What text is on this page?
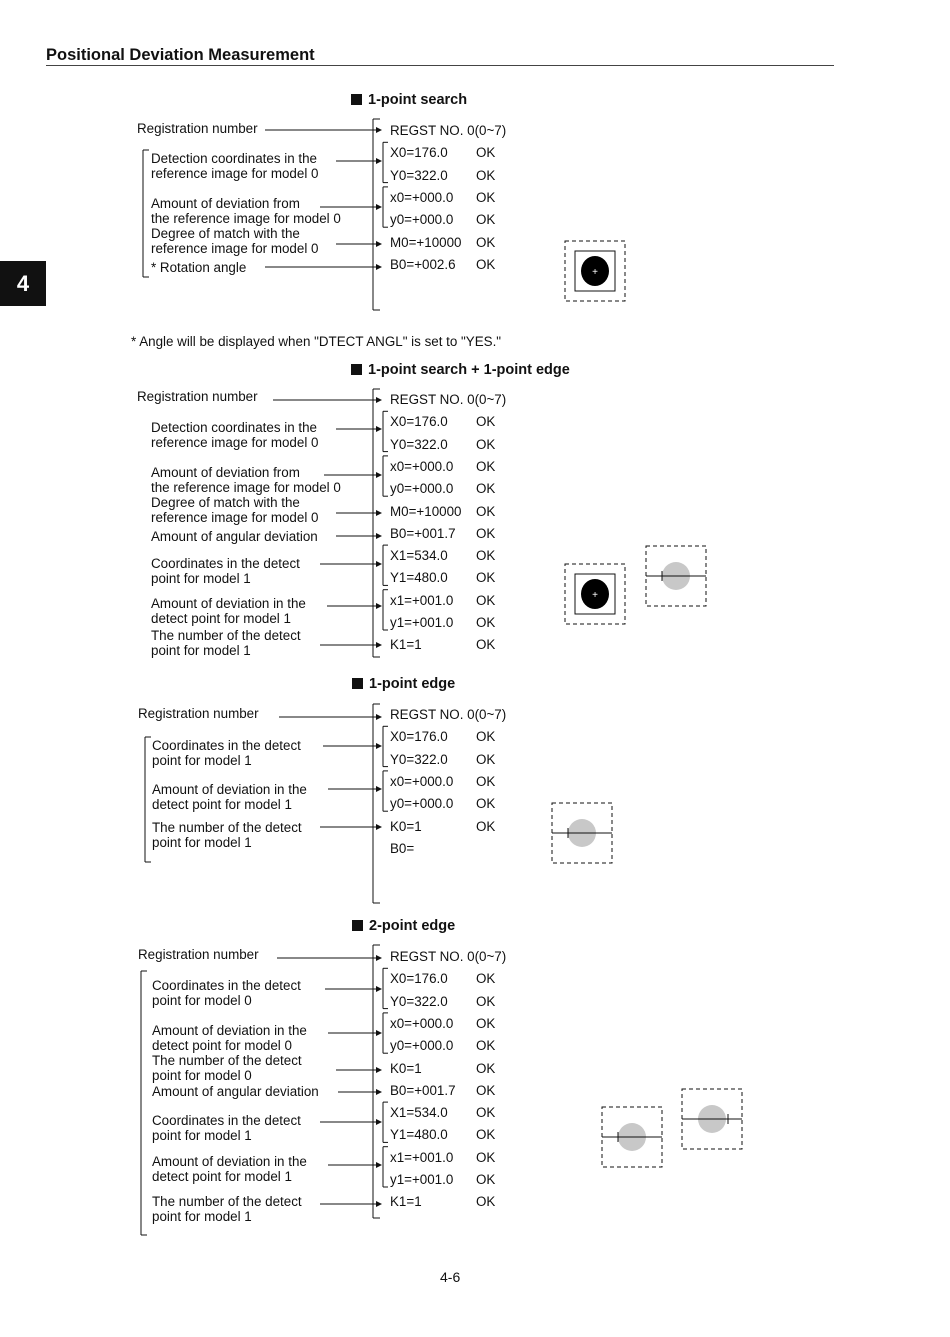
Positional Deviation Measurement
4
1-point search
1-point search + 1-point edge
1-point edge
2-point edge
* Angle will be displayed when "DTECT ANGL" is set to "YES."
4-6
Registration number
Detection coordinates in the
reference image for model 0
Amount of deviation from
the reference image for model 0
Degree of match with the
reference image for model 0
* Rotation angle
REGST NO. 0(0~7)
X0=176.0 OK
Y0=322.0 OK
x0=+000.0 OK
y0=+000.0 OK
M0=+10000 OK
B0=+002.6 OK
Registration number
Detection coordinates in the
reference image for model 0
Amount of deviation from
the reference image for model 0
Degree of match with the
reference image for model 0
Amount of angular deviation
Coordinates in the detect
point for model 1
Amount of deviation in the
detect point for model 1
The number of the detect
point for model 1
REGST NO. 0(0~7)
X0=176.0 OK
Y0=322.0 OK
x0=+000.0 OK
y0=+000.0 OK
M0=+10000 OK
B0=+001.7 OK
X1=534.0 OK
Y1=480.0 OK
x1=+001.0 OK
y1=+001.0 OK
K1=1	OK
Registration number
Coordinates in the detect
point for model 1
Amount of deviation in the
detect point for model 1
The number of the detect
point for model 1
REGST NO. 0(0~7)
X0=176.0 OK
Y0=322.0 OK
x0=+000.0 OK
y0=+000.0 OK
K0=1	OK
B0=
Registration number
Coordinates in the detect
point for model 0
Amount of deviation in the
detect point for model 0
The number of the detect
point for model 0
Amount of angular deviation
Coordinates in the detect
point for model 1
Amount of deviation in the
detect point for model 1
The number of the detect
point for model 1
REGST NO. 0(0~7)
X0=176.0 OK
Y0=322.0 OK
x0=+000.0 OK
y0=+000.0 OK
K0=1	OK
B0=+001.7 OK
X1=534.0 OK
Y1=480.0 OK
x1=+001.0 OK
y1=+001.0 OK
K1=1	OK
+
+
